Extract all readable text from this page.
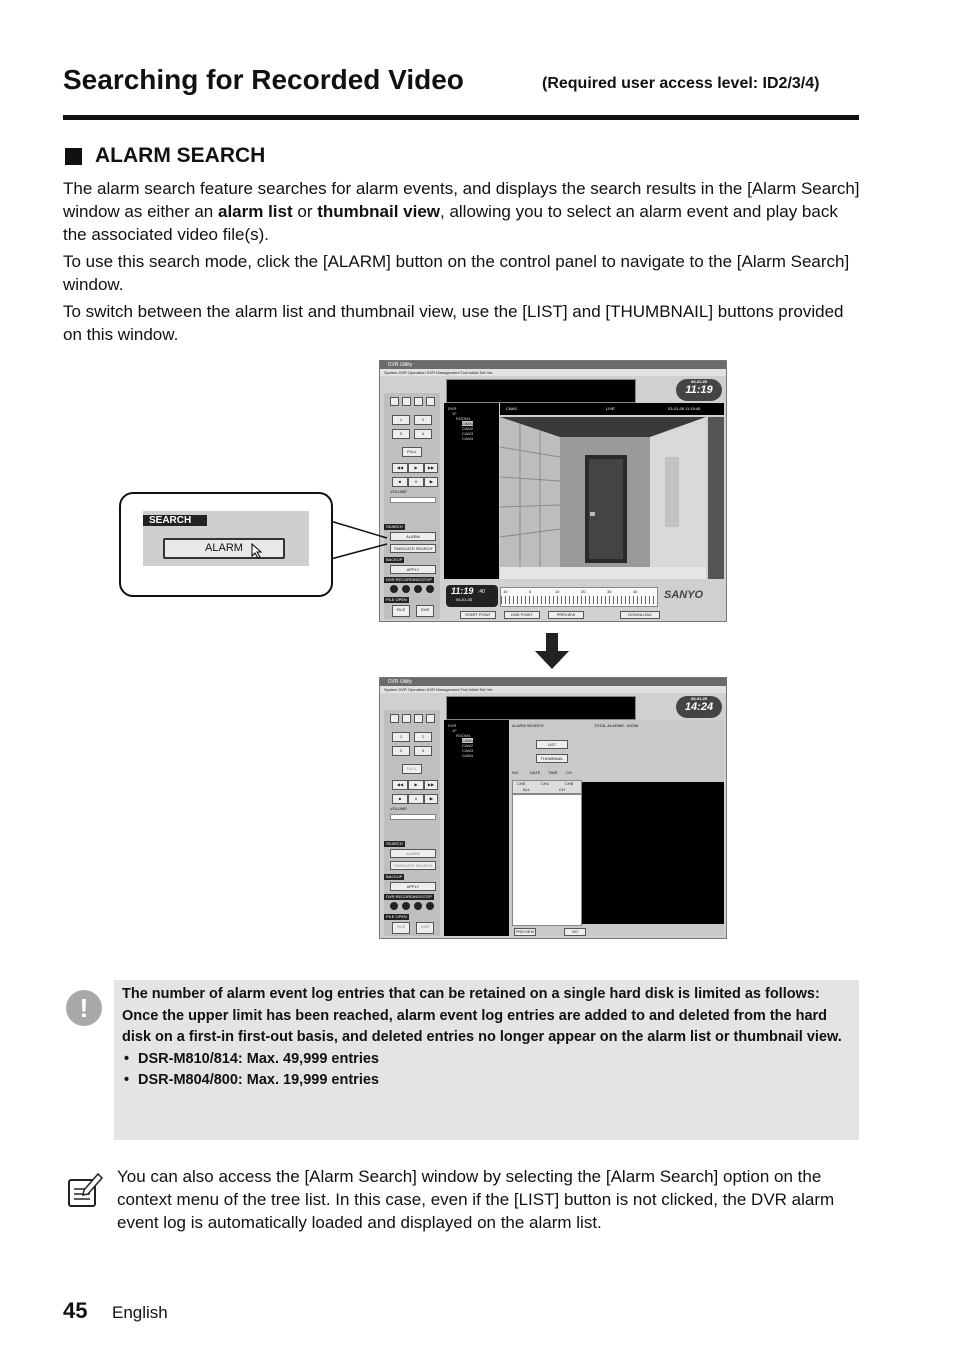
Searching for Recorded Video	(Required user access level: ID2/3/4)
ALARM SEARCH

The alarm search feature searches for alarm events, and displays the search results in the [Alarm Search] window as either an alarm list or thumbnail view, allowing you to select an alarm event and play back the associated video file(s).

To use this search mode, click the [ALARM] button on the control panel to navigate to the [Alarm Search] window.
To switch between the alarm list and thumbnail view, use the [LIST] and [THUMBNAIL] buttons provided on this window.
DVR Utility
System DVR Operation DVR Management Tool Initial Set Ver.
06-01-05
11:19
1	2
3	4
FULL
◀◀	▶	▶▶
■	II	I▶
VOLUME
SEARCH
ALARM
TIME/DATE SEARCH
BACKUP
APPLY
DVR RECORDING/STOP
FILE OPEN
FILE	DVR
DVR
1F
ROOM1
CAM1
CAM2
CAM3
CAM4
CAM1	LIVE	03-01-05 11:19:40
11:19 :40
06-01-05
10	0	10	20	30	40 SANYO
START POINT	END POINT	PREVIEW	DOWNLOAD
SEARCH
ALARM
DVR Utility
System DVR Operation DVR Management Tool Initial Set Ver.
06-01-05
14:24
1	2
3	4
FULL
◀◀	▶	▶▶
■	II	I▶
VOLUME
SEARCH
ALARM
TIME/DATE SEARCH
BACKUP
APPLY
DVR RECORDING/STOP
FILE OPEN
FILE	DVR
DVR
1F
ROOM1
CAM1
CAM2
CAM3
CAM4
ALARM SEARCH	TOTAL ALARMS : 00008
LIST
THUMBNAIL
NO.	DATE TIME CH
CH0	CH1	CH8
ALL	CH
PREVIEW	GO
!	The number of alarm event log entries that can be retained on a single hard disk is limited as follows:

Once the upper limit has been reached, alarm event log entries are added to and deleted from the hard disk on a first-in first-out basis, and deleted entries no longer appear on the alarm list or thumbnail view.

• DSR-M810/814: Max. 49,999 entries
• DSR-M804/800: Max. 19,999 entries
You can also access the [Alarm Search] window by selecting the [Alarm Search] option on the context menu of the tree list. In this case, even if the [LIST] button is not clicked, the DVR alarm event log is automatically loaded and displayed on the alarm list.
45 English
